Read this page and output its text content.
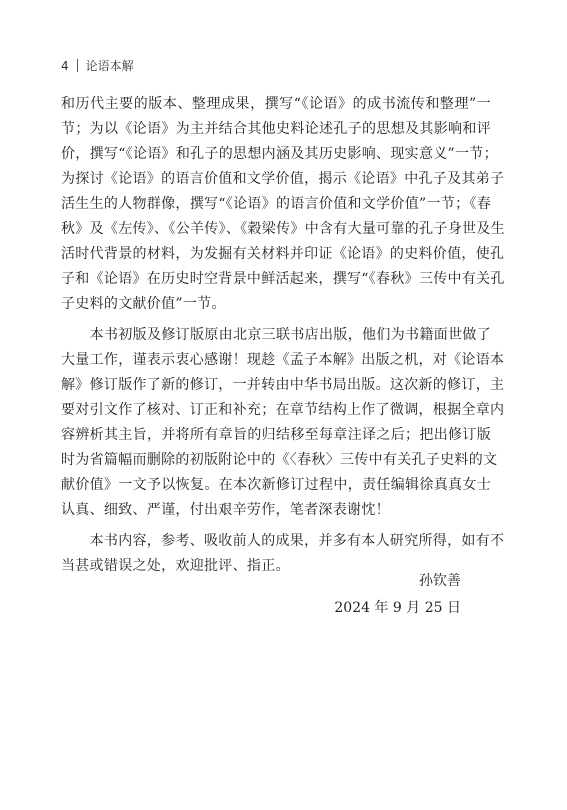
4 论语本解
和历代主要的版本、整理成果，撰写“《论语》的成书流传和整理”一
节；为以《论语》为主并结合其他史料论述孔子的思想及其影响和评
价，撰写“《论语》和孔子的思想内涵及其历史影响、现实意义”一节；
为探讨《论语》的语言价值和文学价值，揭示《论语》中孔子及其弟子
活生生的人物群像，撰写“《论语》的语言价值和文学价值”一节；《春
秋》及《左传》、《公羊传》、《穀梁传》中含有大量可靠的孔子身世及生
活时代背景的材料，为发掘有关材料并印证《论语》的史料价值，使孔
子和《论语》在历史时空背景中鲜活起来，撰写“《春秋》三传中有关孔
子史料的文献价值”一节。
　　本书初版及修订版原由北京三联书店出版，他们为书籍面世做了
大量工作，谨表示衷心感谢！现趁《孟子本解》出版之机，对《论语本
解》修订版作了新的修订，一并转由中华书局出版。这次新的修订，主
要对引文作了核对、订正和补充；在章节结构上作了微调，根据全章内
容辨析其主旨，并将所有章旨的归结移至每章注译之后；把出修订版
时为省篇幅而删除的初版附论中的《〈春秋〉三传中有关孔子史料的文
献价值》一文予以恢复。在本次新修订过程中，责任编辑徐真真女士
认真、细致、严谨，付出艰辛劳作，笔者深表谢忱！
　　本书内容，参考、吸收前人的成果，并多有本人研究所得，如有不
当甚或错误之处，欢迎批评、指正。
孙钦善
2024 年 9 月 25 日
